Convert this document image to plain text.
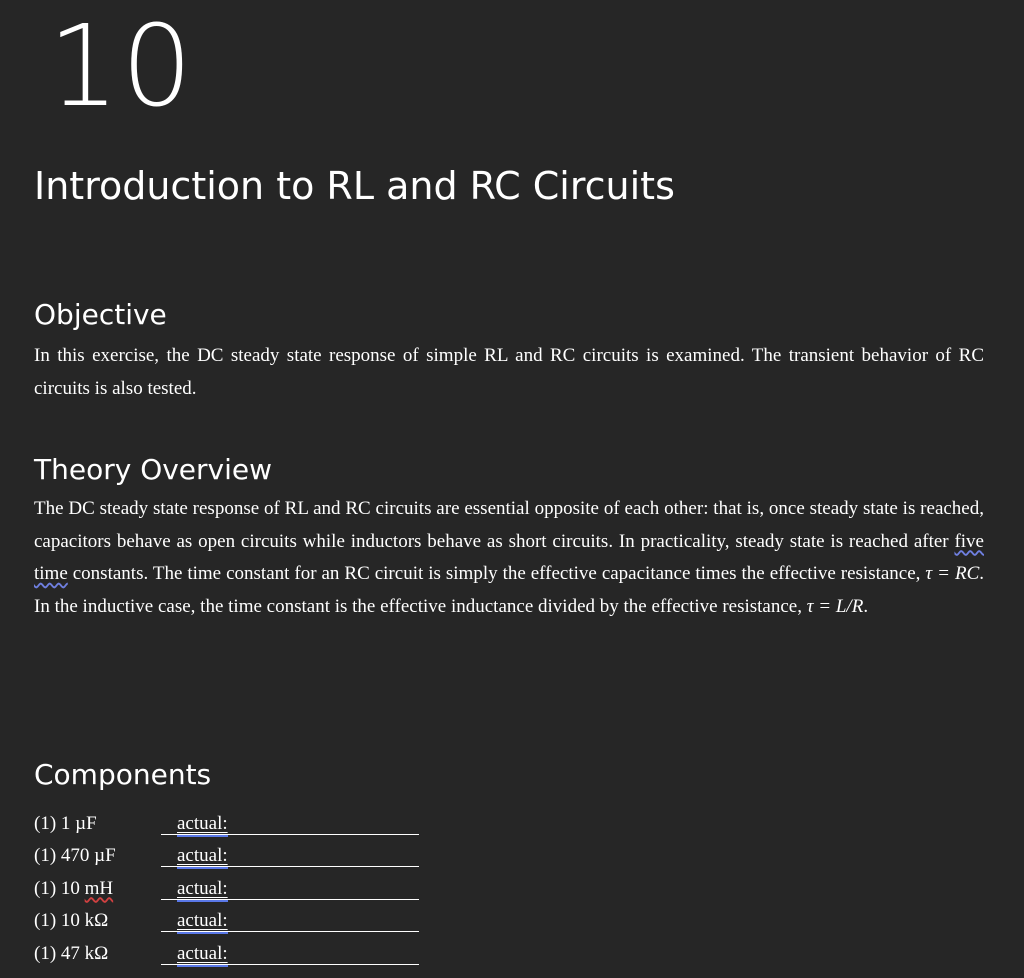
10
Introduction to RL and RC Circuits
Objective

In this exercise, the DC steady state response of simple RL and RC circuits is examined. The transient behavior of RC circuits is also tested.

Theory Overview

The DC steady state response of RL and RC circuits are essential opposite of each other: that is, once steady state is reached, capacitors behave as open circuits while inductors behave as short circuits. In practicality, steady state is reached after five time constants. The time constant for an RC circuit is simply the effective capacitance times the effective resistance, τ = RC. In the inductive case, the time constant is the effective inductance divided by the effective resistance, τ = L/R.

Components
(1) 1 µF	actual:
(1) 470 µF	actual:
(1) 10 mH	actual:
(1) 10 kΩ	actual:
(1) 47 kΩ	actual:
